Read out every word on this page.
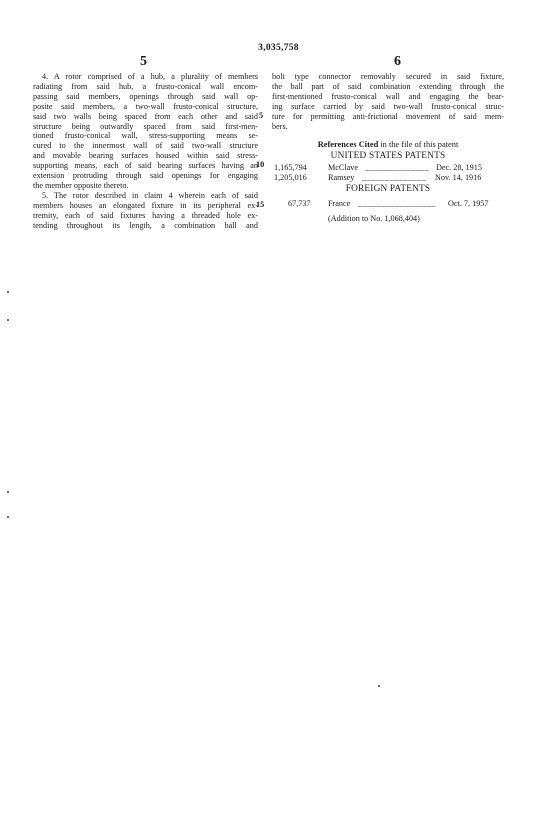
3,035,758
5	6

4. A rotor comprised of a hub, a plurality of members
radiating from said hub, a frusto-conical wall encom-
passing said members, openings through said wall op-
posite said members, a two-wall frusto-conical structure,
said two walls being spaced from each other and said
structure being outwardly spaced from said first-men-
tioned frusto-conical wall, stress-supporting means se-
cured to the innermost wall of said two-wall structure
and movable bearing surfaces housed within said stress-
supporting means, each of said bearing surfaces having an
extension protruding through said openings for engaging
the member opposite thereto.

5. The rotor described in claim 4 wherein each of said
members houses an elongated fixture in its peripheral ex-
tremity, each of said fixtures having a threaded hole ex-
tending throughout its length, a combination ball and

5
10
15

bolt type connector removably secured in said fixture,
the ball part of said combination extending through the
first-mentioned frusto-conical wall and engaging the bear-
ing surface carried by said two-wall frusto-conical struc-
ture for permitting anti-frictional movement of said mem-
bers.

References Cited in the file of this patent
UNITED STATES PATENTS
1,165,794	McClave ______________ Dec. 28, 1915
1,205,016	Ramsey ______________ Nov. 14, 1916
FOREIGN PATENTS
67,737 France _________________ Oct. 7, 1957
(Addition to No. 1,068,404)
